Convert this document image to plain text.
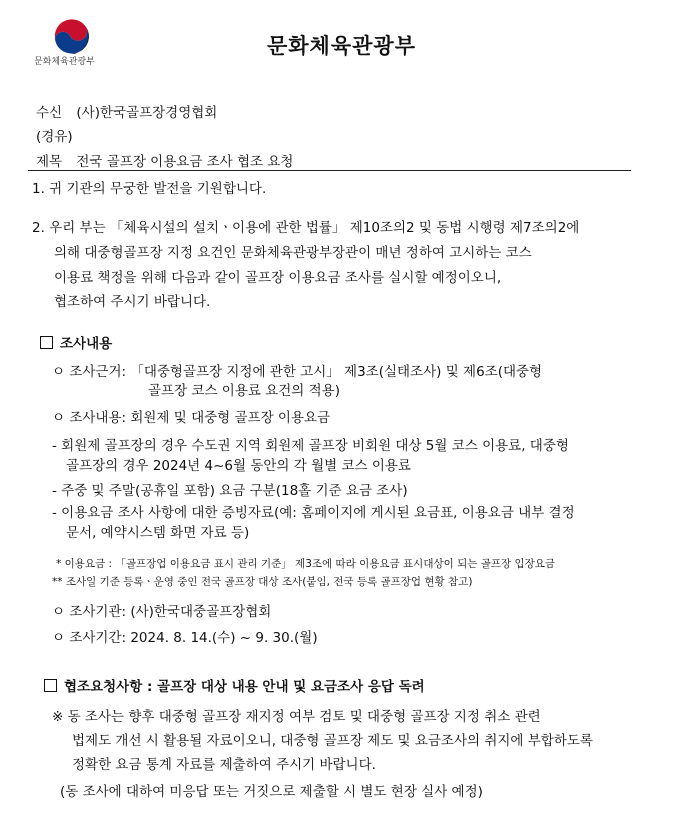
문화체육관광부
문화체육관광부
수신 (사)한국골프장경영협회
(경유)
제목 전국 골프장 이용요금 조사 협조 요청
1. 귀 기관의 무궁한 발전을 기원합니다.
2. 우리 부는 「체육시설의 설치ㆍ이용에 관한 법률」 제10조의2 및 동법 시행령 제7조의2에
의해 대중형골프장 지정 요건인 문화체육관광부장관이 매년 정하여 고시하는 코스
이용료 책정을 위해 다음과 같이 골프장 이용요금 조사를 실시할 예정이오니,
협조하여 주시기 바랍니다.
조사내용
ㅇ 조사근거: 「대중형골프장 지정에 관한 고시」 제3조(실태조사) 및 제6조(대중형
골프장 코스 이용료 요건의 적용)
ㅇ 조사내용: 회원제 및 대중형 골프장 이용요금
- 회원제 골프장의 경우 수도권 지역 회원제 골프장 비회원 대상 5월 코스 이용료, 대중형
골프장의 경우 2024년 4~6월 동안의 각 월별 코스 이용료
- 주중 및 주말(공휴일 포함) 요금 구분(18홀 기준 요금 조사)
- 이용요금 조사 사항에 대한 증빙자료(예: 홈페이지에 게시된 요금표, 이용요금 내부 결정
문서, 예약시스템 화면 자료 등)
* 이용요금 : 「골프장업 이용요금 표시 관리 기준」 제3조에 따라 이용요금 표시대상이 되는 골프장 입장요금
** 조사일 기준 등록ㆍ운영 중인 전국 골프장 대상 조사(붙임, 전국 등록 골프장업 현황 참고)
ㅇ 조사기관: (사)한국대중골프장협회
ㅇ 조사기간: 2024. 8. 14.(수) ~ 9. 30.(월)
협조요청사항 : 골프장 대상 내용 안내 및 요금조사 응답 독려
※ 동 조사는 향후 대중형 골프장 재지정 여부 검토 및 대중형 골프장 지정 취소 관련
법제도 개선 시 활용될 자료이오니, 대중형 골프장 제도 및 요금조사의 취지에 부합하도록
정확한 요금 통계 자료를 제출하여 주시기 바랍니다.
(동 조사에 대하여 미응답 또는 거짓으로 제출할 시 별도 현장 실사 예정)
